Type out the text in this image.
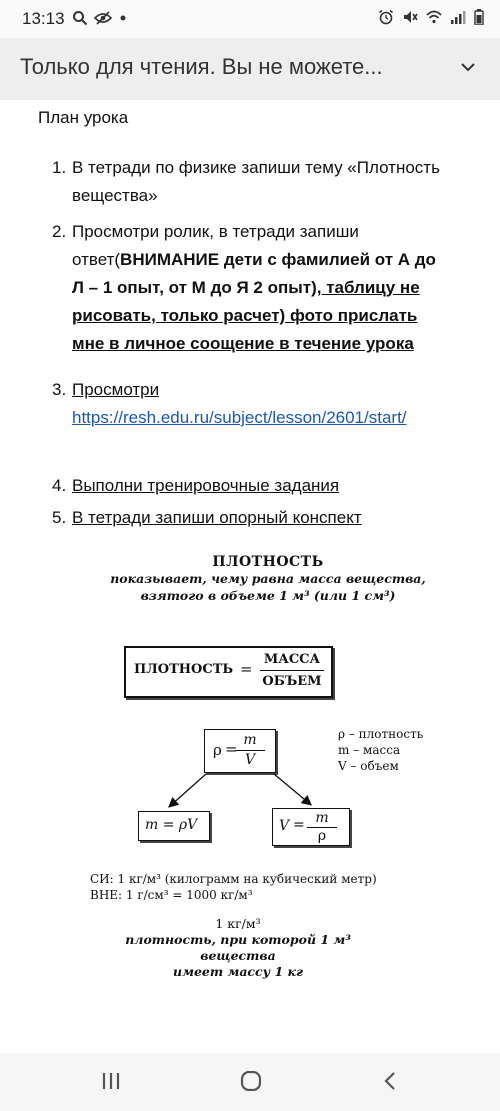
13:13
Только для чтения. Вы не можете...
План урока
1. В тетради по физике запиши тему «Плотность вещества»
2. Просмотри ролик, в тетради запиши ответ(ВНИМАНИЕ дети с фамилией от А до Л – 1 опыт, от М до Я 2 опыт), таблицу не рисовать, только расчет) фото прислать мне в личное соощение в течение урока
3. Просмотри
https://resh.edu.ru/subject/lesson/2601/start/
4. Выполни тренировочные задания
5. В тетради запиши опорный конспект
ПЛОТНОСТЬ
показывает, чему равна масса вещества,
взятого в объеме 1 м³ (или 1 см³)
ПЛОТНОСТЬ =
МАССА
ОБЪЕМ
ρ = m
V
ρ – плотность
m – масса
V – объем
m = ρV	V = m
ρ
СИ: 1 кг/м³ (килограмм на кубический метр)
ВНЕ: 1 г/см³ = 1000 кг/м³
1 кг/м³
плотность, при которой 1 м³ вещества
имеет массу 1 кг
